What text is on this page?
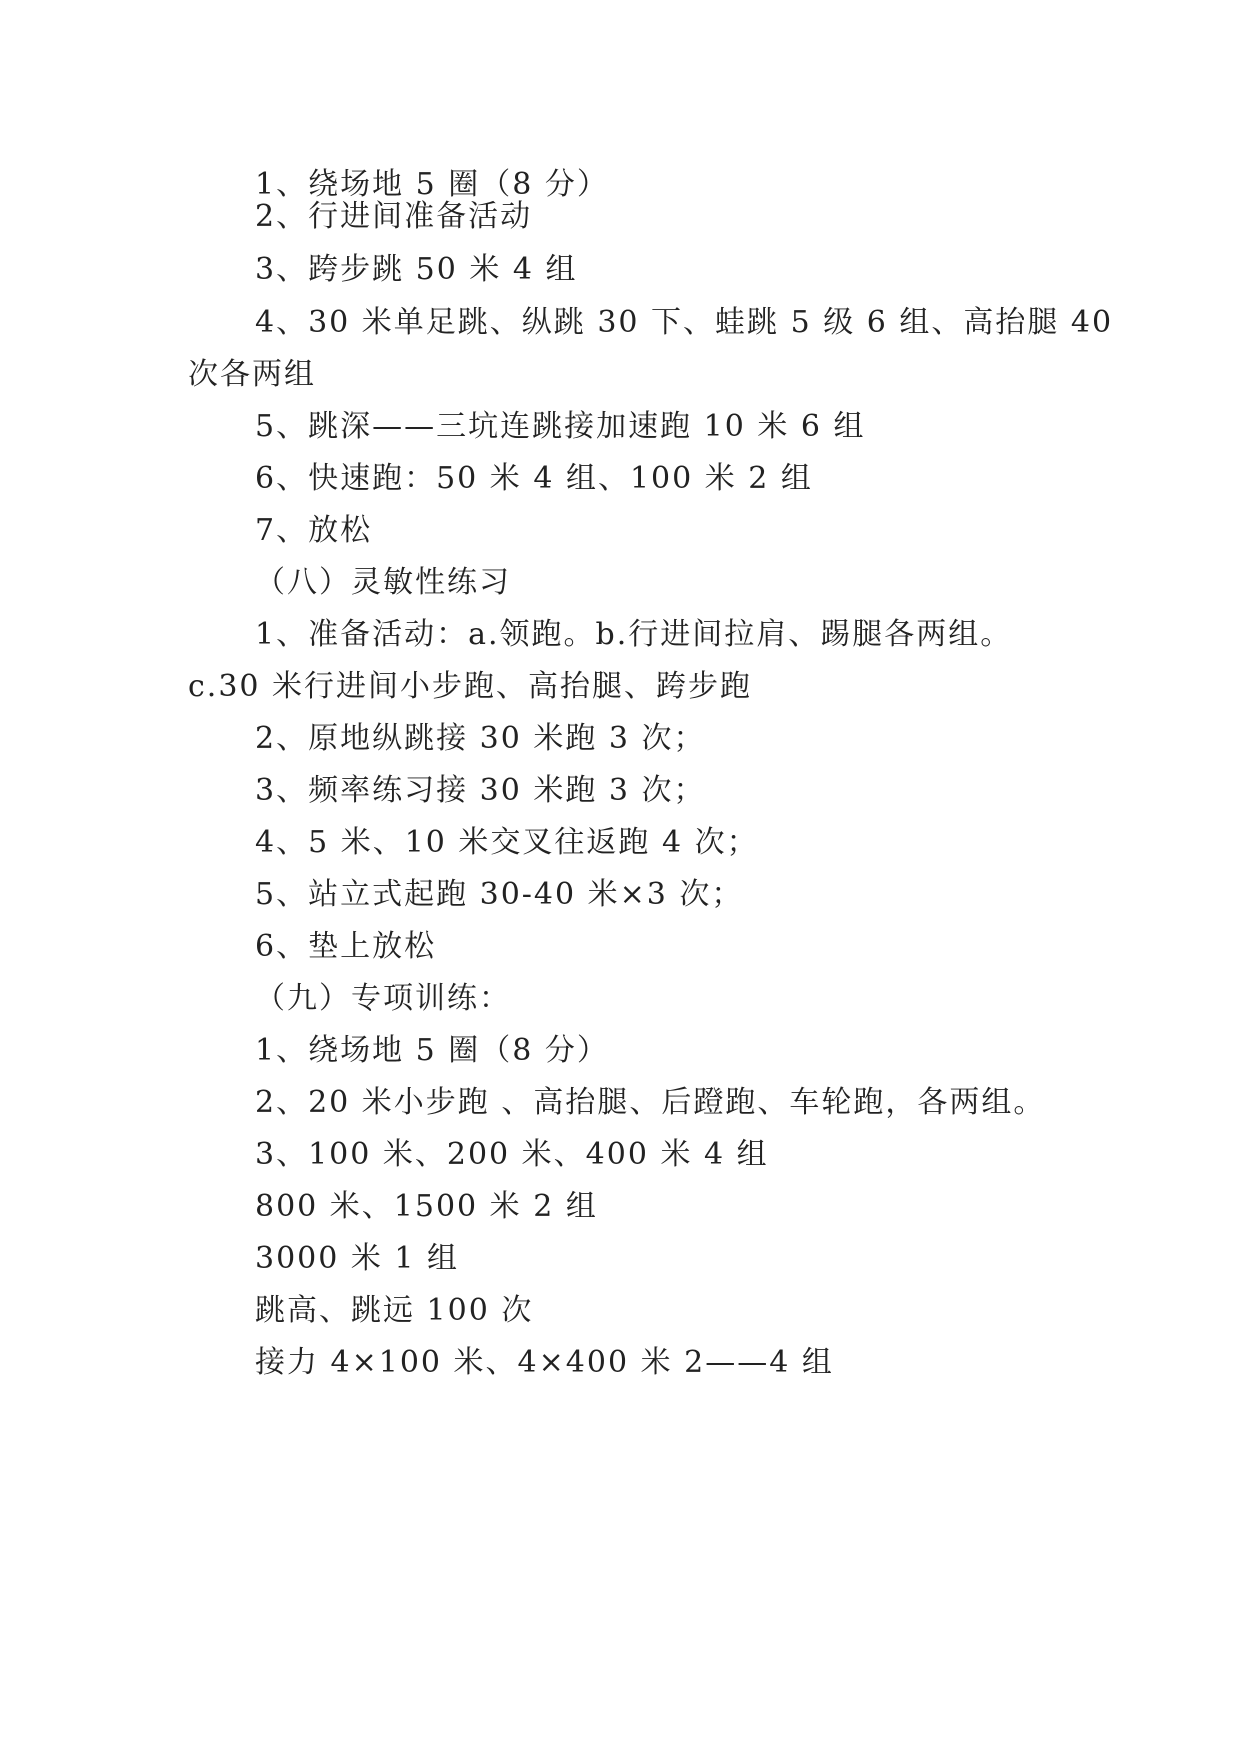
1、绕场地 5 圈（8 分）
2、行进间准备活动
3、跨步跳 50 米 4 组
4、30 米单足跳、纵跳 30 下、蛙跳 5 级 6 组、高抬腿 40
次各两组
5、跳深——三坑连跳接加速跑 10 米 6 组
6、快速跑：50 米 4 组、100 米 2 组
7、放松
（八）灵敏性练习
1、准备活动：a.领跑。b.行进间拉肩、踢腿各两组。
c.30 米行进间小步跑、高抬腿、跨步跑
2、原地纵跳接 30 米跑 3 次；
3、频率练习接 30 米跑 3 次；
4、5 米、10 米交叉往返跑 4 次；
5、站立式起跑 30-40 米×3 次；
6、垫上放松
（九）专项训练：
1、绕场地 5 圈（8 分）
2、20 米小步跑 、高抬腿、后蹬跑、车轮跑，各两组。
3、100 米、200 米、400 米 4 组
800 米、1500 米 2 组
3000 米 1 组
跳高、跳远 100 次
接力 4×100 米、4×400 米 2——4 组
